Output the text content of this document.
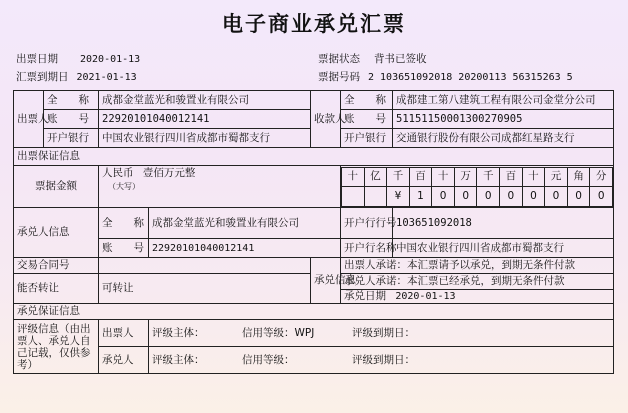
电子商业承兑汇票
出票日期 2020-01-13
汇票到期日 2021-01-13
票据状态 背书已签收
票据号码 2 103651092018 20200113 56315263 5
出票人	全　　称	成都金堂蓝光和骏置业有限公司	收款人	全　　称	成都建工第八建筑工程有限公司金堂分公司
账　　号	22920101040012141	账　　号	51151150001300270905
开户银行	中国农业银行四川省成都市蜀都支行	开户银行	交通银行股份有限公司成都红星路支行
出票保证信息
票据金额	人民币 壹佰万元整
（大写）	
十	亿	千	百	十	万	千	百	十	元	角	分
		¥	1	0	0	0	0	0	0	0	0

承兑人信息	
全　　称 成都金堂蓝光和骏置业有限公司	开户行行号	103651092018

账　　号 22920101040012141	开户行名称	中国农业银行四川省成都市蜀都支行
交易合同号		承兑信息	出票人承诺：本汇票请予以承兑，到期无条件付款
能否转让	可转让	承兑人承诺：本汇票已经承兑，到期无条件付款
承兑日期 2020-01-13
承兑保证信息
评级信息（由出票人、承兑人自己记载，仅供参考）	
出票人	评级主体：	信用等级：WPJ	评级到期日：

承兑人	评级主体：	信用等级：	评级到期日：
